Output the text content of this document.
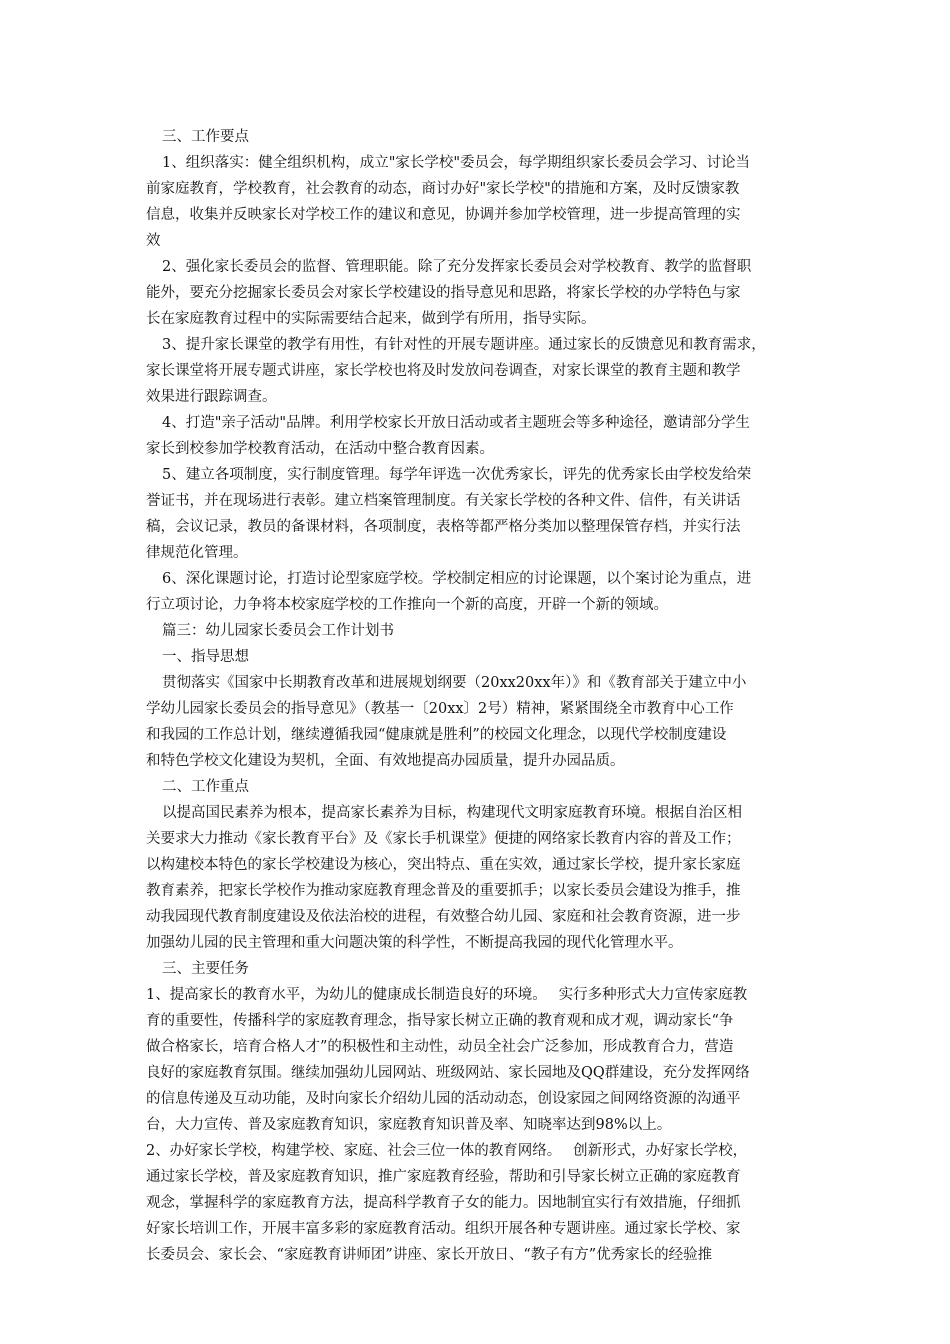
三、工作要点

1、组织落实：健全组织机构，成立"家长学校"委员会，每学期组织家长委员会学习、讨论当

前家庭教育，学校教育，社会教育的动态，商讨办好"家长学校"的措施和方案，及时反馈家教

信息，收集并反映家长对学校工作的建议和意见，协调并参加学校管理，进一步提高管理的实

效

2、强化家长委员会的监督、管理职能。除了充分发挥家长委员会对学校教育、教学的监督职

能外，要充分挖掘家长委员会对家长学校建设的指导意见和思路，将家长学校的办学特色与家

长在家庭教育过程中的实际需要结合起来，做到学有所用，指导实际。

3、提升家长课堂的教学有用性，有针对性的开展专题讲座。通过家长的反馈意见和教育需求，

家长课堂将开展专题式讲座，家长学校也将及时发放问卷调查，对家长课堂的教育主题和教学

效果进行跟踪调查。

4、打造"亲子活动"品牌。利用学校家长开放日活动或者主题班会等多种途径，邀请部分学生

家长到校参加学校教育活动，在活动中整合教育因素。

5、建立各项制度，实行制度管理。每学年评选一次优秀家长，评先的优秀家长由学校发给荣

誉证书，并在现场进行表彰。建立档案管理制度。有关家长学校的各种文件、信件，有关讲话

稿，会议记录，教员的备课材料，各项制度，表格等都严格分类加以整理保管存档，并实行法

律规范化管理。

6、深化课题讨论，打造讨论型家庭学校。学校制定相应的讨论课题，以个案讨论为重点，进

行立项讨论，力争将本校家庭学校的工作推向一个新的高度，开辟一个新的领域。

篇三：幼儿园家长委员会工作计划书

一、指导思想

贯彻落实《国家中长期教育改革和进展规划纲要（20xx20xx年）》和《教育部关于建立中小

学幼儿园家长委员会的指导意见》（教基一〔20xx〕2号）精神，紧紧围绕全市教育中心工作

和我园的工作总计划，继续遵循我园“健康就是胜利”的校园文化理念，以现代学校制度建设

和特色学校文化建设为契机，全面、有效地提高办园质量，提升办园品质。

二、工作重点

以提高国民素养为根本，提高家长素养为目标，构建现代文明家庭教育环境。根据自治区相

关要求大力推动《家长教育平台》及《家长手机课堂》便捷的网络家长教育内容的普及工作；

以构建校本特色的家长学校建设为核心，突出特点、重在实效，通过家长学校，提升家长家庭

教育素养，把家长学校作为推动家庭教育理念普及的重要抓手；以家长委员会建设为推手，推

动我园现代教育制度建设及依法治校的进程，有效整合幼儿园、家庭和社会教育资源，进一步

加强幼儿园的民主管理和重大问题决策的科学性，不断提高我园的现代化管理水平。

三、主要任务

1、提高家长的教育水平，为幼儿的健康成长制造良好的环境。　 实行多种形式大力宣传家庭教

育的重要性，传播科学的家庭教育理念，指导家长树立正确的教育观和成才观，调动家长“争

做合格家长，培育合格人才”的积极性和主动性，动员全社会广泛参加，形成教育合力，营造

良好的家庭教育氛围。继续加强幼儿园网站、班级网站、家长园地及QQ群建设，充分发挥网络

的信息传递及互动功能，及时向家长介绍幼儿园的活动动态，创设家园之间网络资源的沟通平

台，大力宣传、普及家庭教育知识，家庭教育知识普及率、知晓率达到98%以上。

2、办好家长学校，构建学校、家庭、社会三位一体的教育网络。　 创新形式，办好家长学校，

通过家长学校，普及家庭教育知识，推广家庭教育经验，帮助和引导家长树立正确的家庭教育

观念，掌握科学的家庭教育方法，提高科学教育子女的能力。因地制宜实行有效措施，仔细抓

好家长培训工作，开展丰富多彩的家庭教育活动。组织开展各种专题讲座。通过家长学校、家

长委员会、家长会、“家庭教育讲师团”讲座、家长开放日、“教子有方”优秀家长的经验推
